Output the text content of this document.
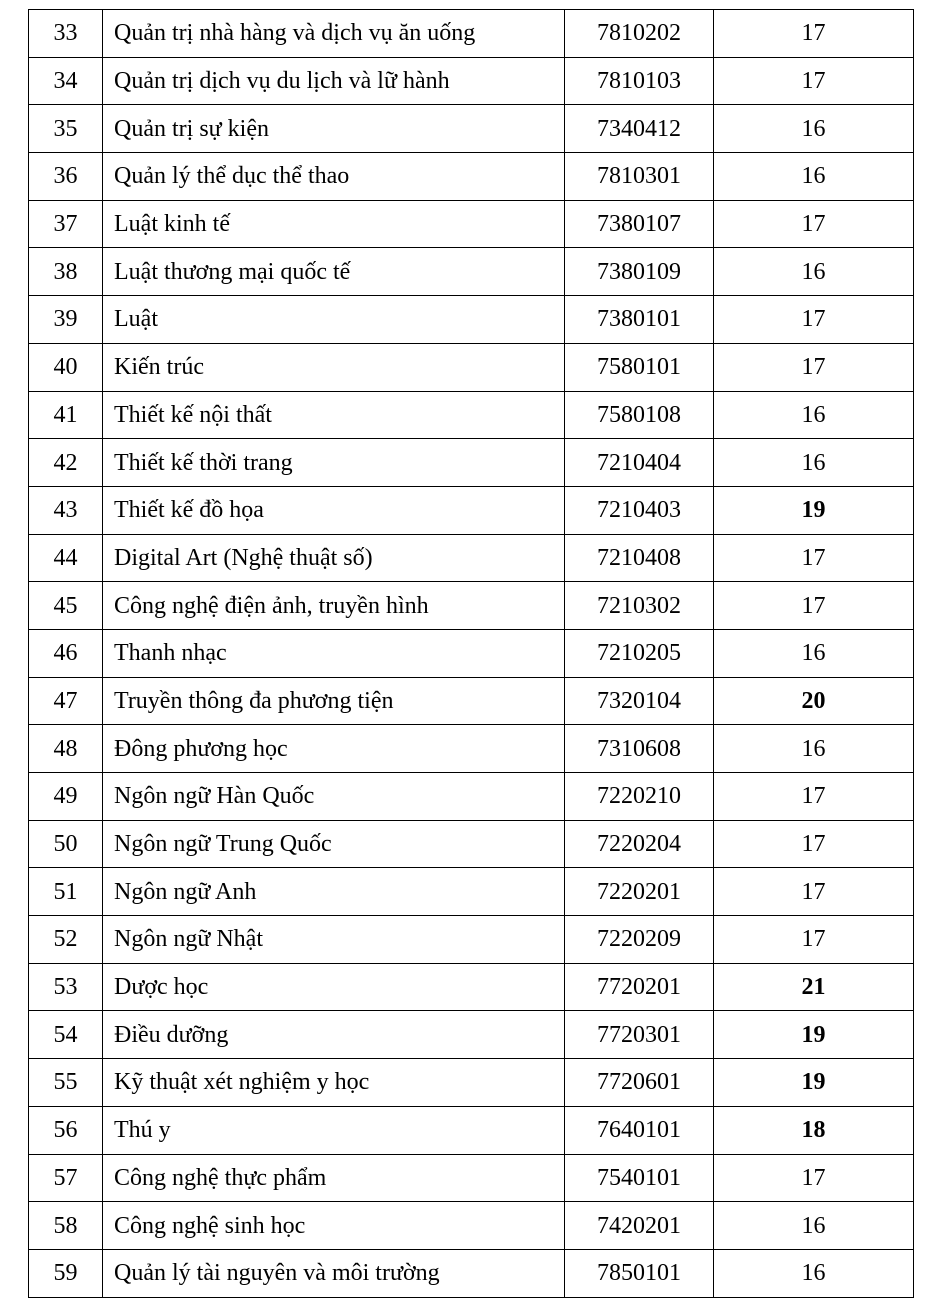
33	Quản trị nhà hàng và dịch vụ ăn uống	7810202	17
34	Quản trị dịch vụ du lịch và lữ hành	7810103	17
35	Quản trị sự kiện	7340412	16
36	Quản lý thể dục thể thao	7810301	16
37	Luật kinh tế	7380107	17
38	Luật thương mại quốc tế	7380109	16
39	Luật	7380101	17
40	Kiến trúc	7580101	17
41	Thiết kế nội thất	7580108	16
42	Thiết kế thời trang	7210404	16
43	Thiết kế đồ họa	7210403	19
44	Digital Art (Nghệ thuật số)	7210408	17
45	Công nghệ điện ảnh, truyền hình	7210302	17
46	Thanh nhạc	7210205	16
47	Truyền thông đa phương tiện	7320104	20
48	Đông phương học	7310608	16
49	Ngôn ngữ Hàn Quốc	7220210	17
50	Ngôn ngữ Trung Quốc	7220204	17
51	Ngôn ngữ Anh	7220201	17
52	Ngôn ngữ Nhật	7220209	17
53	Dược học	7720201	21
54	Điều dưỡng	7720301	19
55	Kỹ thuật xét nghiệm y học	7720601	19
56	Thú y	7640101	18
57	Công nghệ thực phẩm	7540101	17
58	Công nghệ sinh học	7420201	16
59	Quản lý tài nguyên và môi trường	7850101	16
